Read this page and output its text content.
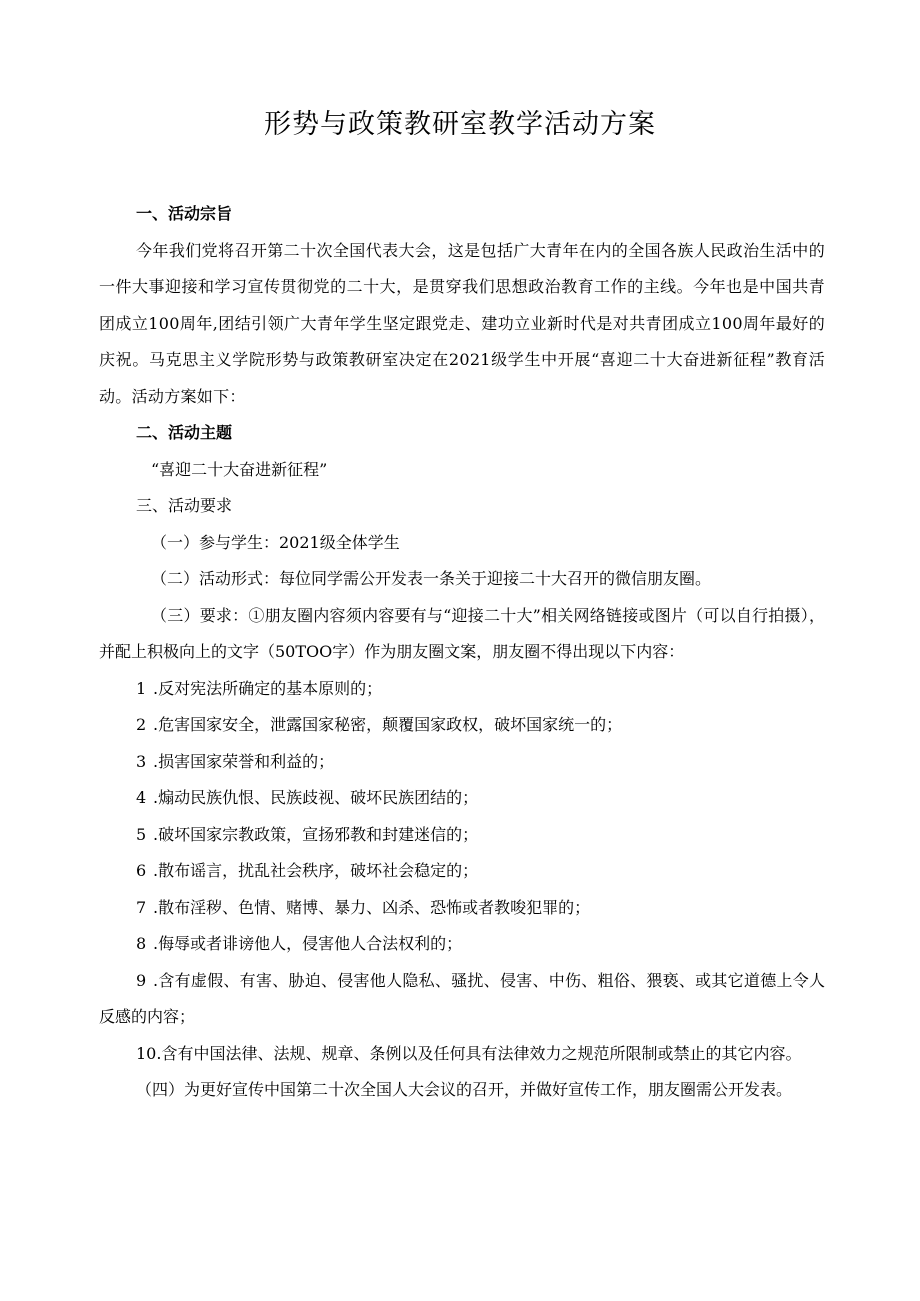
形势与政策教研室教学活动方案

一、活动宗旨

今年我们党将召开第二十次全国代表大会，这是包括广大青年在内的全国各族人民政治生活中的一件大事迎接和学习宣传贯彻党的二十大，是贯穿我们思想政治教育工作的主线。今年也是中国共青团成立100周年,团结引领广大青年学生坚定跟党走、建功立业新时代是对共青团成立100周年最好的庆祝。马克思主义学院形势与政策教研室决定在2021级学生中开展“喜迎二十大奋进新征程”教育活动。活动方案如下：

二、活动主题

“喜迎二十大奋进新征程”

三、活动要求

（一）参与学生：2021级全体学生

（二）活动形式：每位同学需公开发表一条关于迎接二十大召开的微信朋友圈。

（三）要求：①朋友圈内容须内容要有与“迎接二十大”相关网络链接或图片（可以自行拍摄），并配上积极向上的文字（50TOO字）作为朋友圈文案，朋友圈不得出现以下内容：

1 .反对宪法所确定的基本原则的；

2 .危害国家安全，泄露国家秘密，颠覆国家政权，破坏国家统一的；

3 .损害国家荣誉和利益的；

4 .煽动民族仇恨、民族歧视、破坏民族团结的；

5 .破坏国家宗教政策，宣扬邪教和封建迷信的；

6 .散布谣言，扰乱社会秩序，破坏社会稳定的；

7 .散布淫秽、色情、赌博、暴力、凶杀、恐怖或者教唆犯罪的；

8 .侮辱或者诽谤他人，侵害他人合法权利的；

9 .含有虚假、有害、胁迫、侵害他人隐私、骚扰、侵害、中伤、粗俗、猥亵、或其它道德上令人反感的内容；

10.含有中国法律、法规、规章、条例以及任何具有法律效力之规范所限制或禁止的其它内容。

（四）为更好宣传中国第二十次全国人大会议的召开，并做好宣传工作，朋友圈需公开发表。
